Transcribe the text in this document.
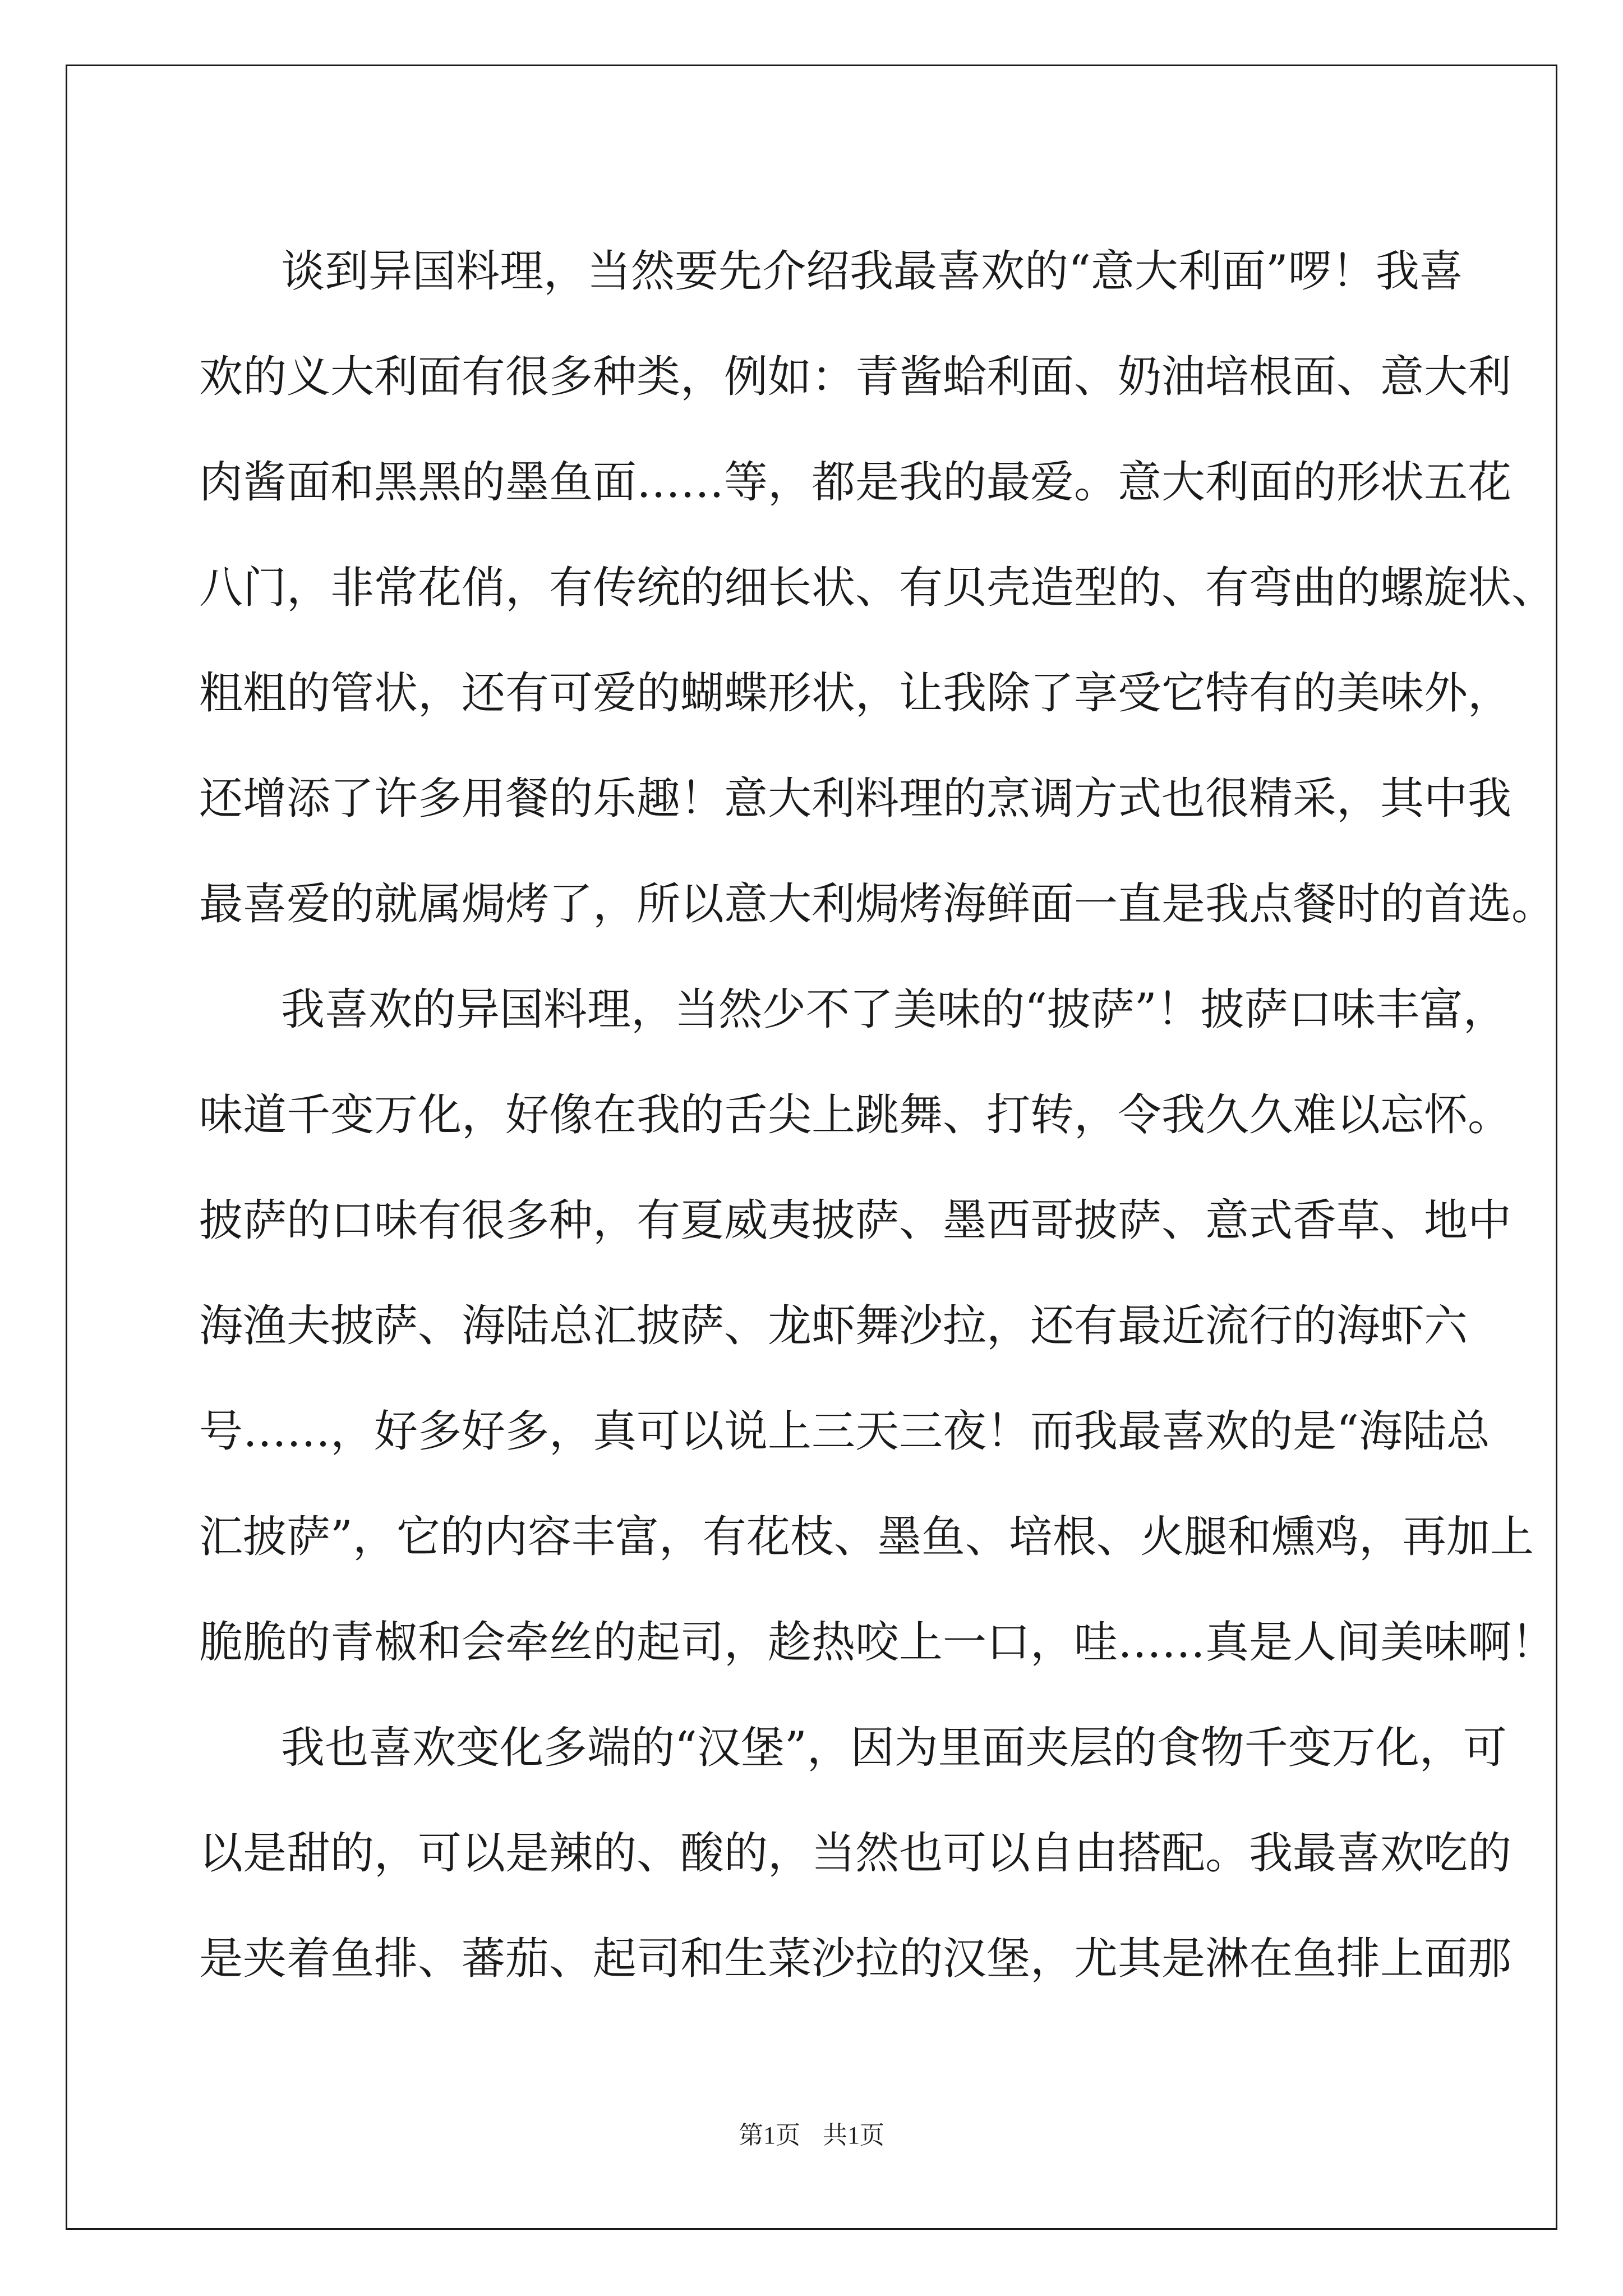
谈到异国料理，当然要先介绍我最喜欢的“意大利面”啰！我喜
欢的义大利面有很多种类，例如：青酱蛤利面、奶油培根面、意大利
肉酱面和黑黑的墨鱼面……等，都是我的最爱。意大利面的形状五花
八门，非常花俏，有传统的细长状、有贝壳造型的、有弯曲的螺旋状、
粗粗的管状，还有可爱的蝴蝶形状，让我除了享受它特有的美味外，
还增添了许多用餐的乐趣！意大利料理的烹调方式也很精采，其中我
最喜爱的就属焗烤了，所以意大利焗烤海鲜面一直是我点餐时的首选。
我喜欢的异国料理，当然少不了美味的“披萨”！披萨口味丰富，
味道千变万化，好像在我的舌尖上跳舞、打转，令我久久难以忘怀。
披萨的口味有很多种，有夏威夷披萨、墨西哥披萨、意式香草、地中
海渔夫披萨、海陆总汇披萨、龙虾舞沙拉，还有最近流行的海虾六
号……，好多好多，真可以说上三天三夜！而我最喜欢的是“海陆总
汇披萨”，它的内容丰富，有花枝、墨鱼、培根、火腿和燻鸡，再加上
脆脆的青椒和会牵丝的起司，趁热咬上一口，哇……真是人间美味啊！
我也喜欢变化多端的“汉堡”，因为里面夹层的食物千变万化，可
以是甜的，可以是辣的、酸的，当然也可以自由搭配。我最喜欢吃的
是夹着鱼排、蕃茄、起司和生菜沙拉的汉堡，尤其是淋在鱼排上面那
第1页 共1页
